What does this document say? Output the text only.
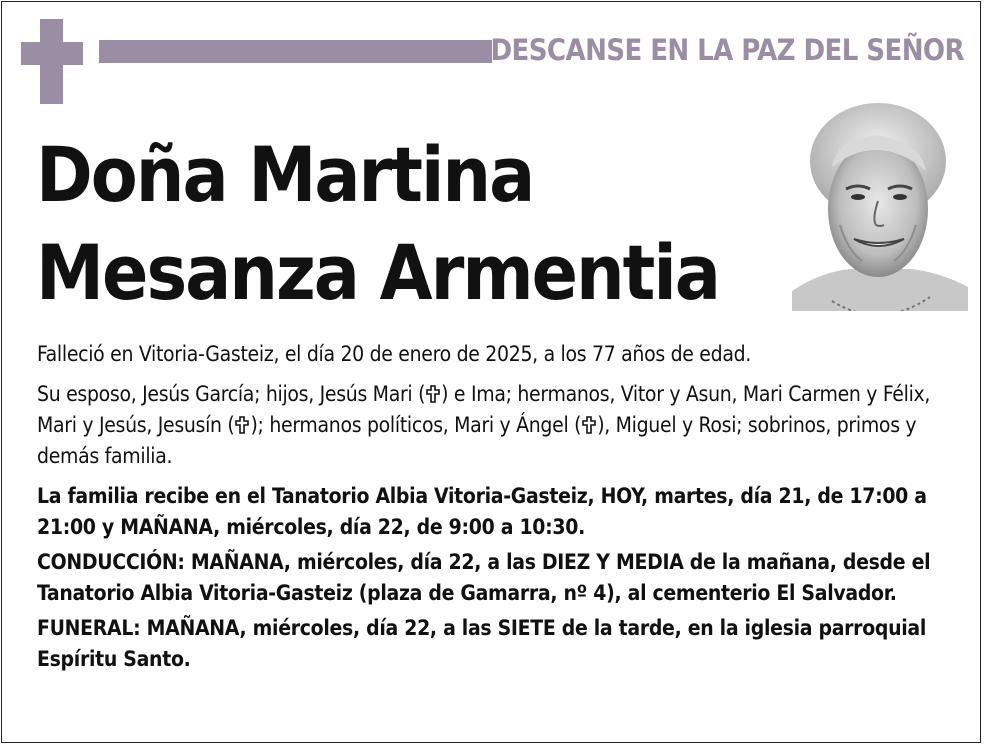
DESCANSE EN LA PAZ DEL SEÑOR
Doña Martina
Mesanza Armentia

Falleció en Vitoria-Gasteiz, el día 20 de enero de 2025, a los 77 años de edad.

Su esposo, Jesús García; hijos, Jesús Mari ( ) e Ima; hermanos, Vitor y Asun, Mari Carmen y Félix, Mari y Jesús, Jesusín ( ); hermanos políticos, Mari y Ángel ( ), Miguel y Rosi; sobrinos, primos y demás familia.

La familia recibe en el Tanatorio Albia Vitoria-Gasteiz, HOY, martes, día 21, de 17:00 a 21:00 y MAÑANA, miércoles, día 22, de 9:00 a 10:30.

CONDUCCIÓN: MAÑANA, miércoles, día 22, a las DIEZ Y MEDIA de la mañana, desde el Tanatorio Albia Vitoria-Gasteiz (plaza de Gamarra, nº 4), al cementerio El Salvador.

FUNERAL: MAÑANA, miércoles, día 22, a las SIETE de la tarde, en la iglesia parroquial Espíritu Santo.
